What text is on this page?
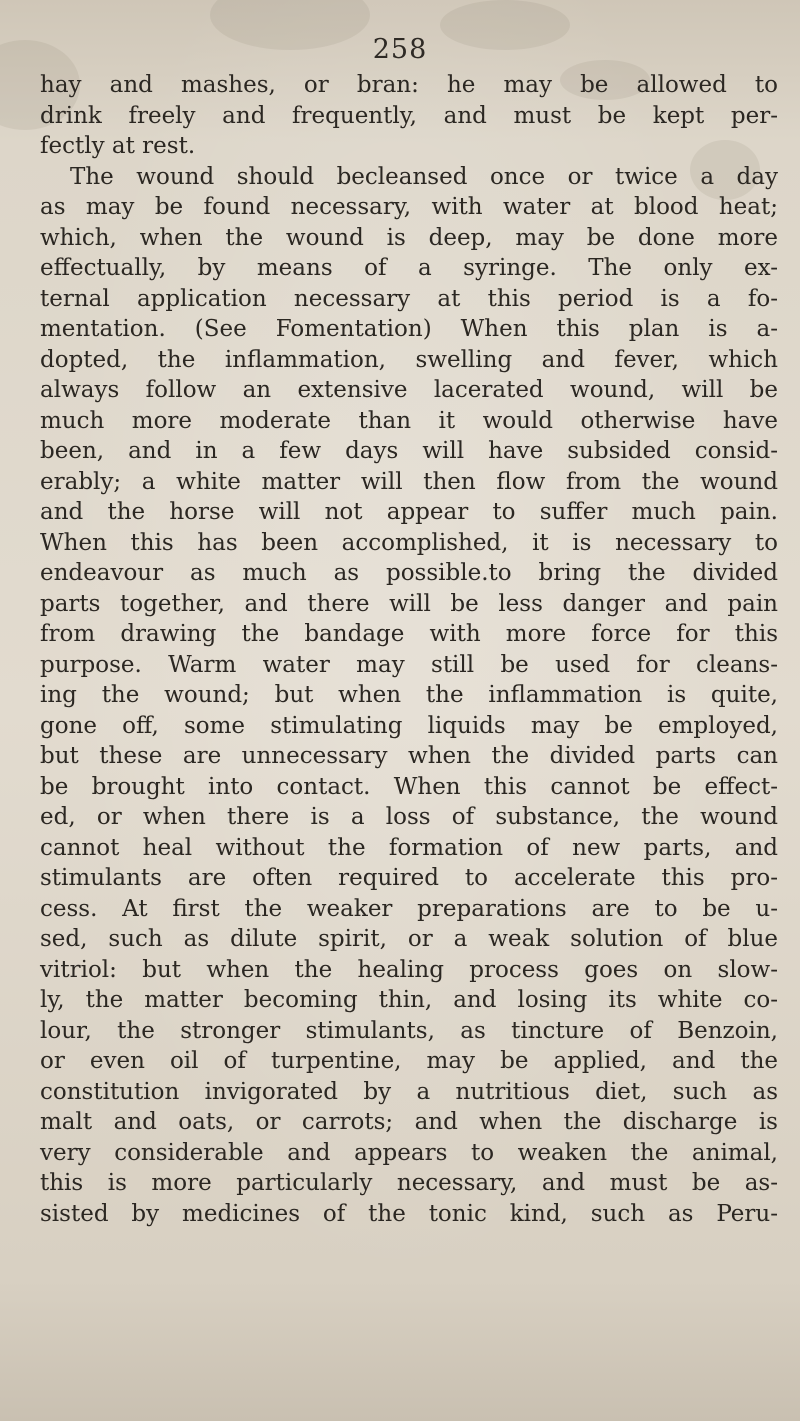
258
hay and mashes, or bran: he may be allowed to
drink freely and frequently, and must be kept per-
fectly at rest.
The wound should becleansed once or twice a day
as may be found necessary, with water at blood heat;
which, when the wound is deep, may be done more
effectually, by means of a syringe. The only ex-
ternal application necessary at this period is a fo-
mentation. (See Fomentation) When this plan is a-
dopted, the inflammation, swelling and fever, which
always follow an extensive lacerated wound, will be
much more moderate than it would otherwise have
been, and in a few days will have subsided consid-
erably; a white matter will then flow from the wound
and the horse will not appear to suffer much pain.
When this has been accomplished, it is necessary to
endeavour as much as possible.to bring the divided
parts together, and there will be less danger and pain
from drawing the bandage with more force for this
purpose. Warm water may still be used for cleans-
ing the wound; but when the inflammation is quite,
gone off, some stimulating liquids may be employed,
but these are unnecessary when the divided parts can
be brought into contact. When this cannot be effect-
ed, or when there is a loss of substance, the wound
cannot heal without the formation of new parts, and
stimulants are often required to accelerate this pro-
cess. At first the weaker preparations are to be u-
sed, such as dilute spirit, or a weak solution of blue
vitriol: but when the healing process goes on slow-
ly, the matter becoming thin, and losing its white co-
lour, the stronger stimulants, as tincture of Benzoin,
or even oil of turpentine, may be applied, and the
constitution invigorated by a nutritious diet, such as
malt and oats, or carrots; and when the discharge is
very considerable and appears to weaken the animal,
this is more particularly necessary, and must be as-
sisted by medicines of the tonic kind, such as Peru-
